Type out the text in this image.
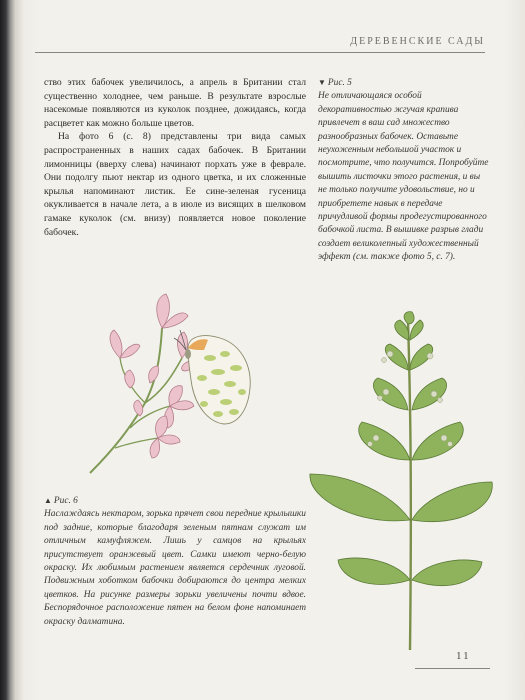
ДЕРЕВЕНСКИЕ САДЫ

ство этих бабочек увеличилось, а апрель в Британии стал существенно холоднее, чем раньше. В результате взрослые насекомые появляются из куколок позднее, дожидаясь, когда расцветет как можно больше цветов.

На фото 6 (с. 8) представлены три вида самых распространенных в наших садах бабочек. В Британии лимонницы (вверху слева) начинают порхать уже в феврале. Они подолгу пьют нектар из одного цветка, и их сложенные крылья напоминают листик. Ее сине-зеленая гусеница окукливается в начале лета, а в июле из висящих в шелковом гамаке куколок (см. внизу) появляется новое поколение бабочек.

▼ Рис. 5
Не отличающаяся особой декоративностью жгучая крапива привлечет в ваш сад множество разнообразных бабочек. Оставьте неухоженным небольшой участок и посмотрите, что получится. Попробуйте вышить листочки этого растения, и вы не только получите удовольствие, но и приобретете навык в передаче причудливой формы продегустированного бабочкой листа. В вышивке разрыв глади создает великолепный художественный эффект (см. также фото 5, с. 7).
▲ Рис. 6
Наслаждаясь нектаром, зорька прячет свои передние крылышки под задние, которые благодаря зеленым пятнам служат им отличным камуфляжем. Лишь у самцов на крыльях присутствует оранжевый цвет. Самки имеют черно-белую окраску. Их любимым растением является сердечник луговой. Подвижным хоботком бабочки добираются до центра мелких цветков. На рисунке размеры зорьки увеличены почти вдвое. Беспорядочное расположение пятен на белом фоне напоминает окраску далматина.
11
